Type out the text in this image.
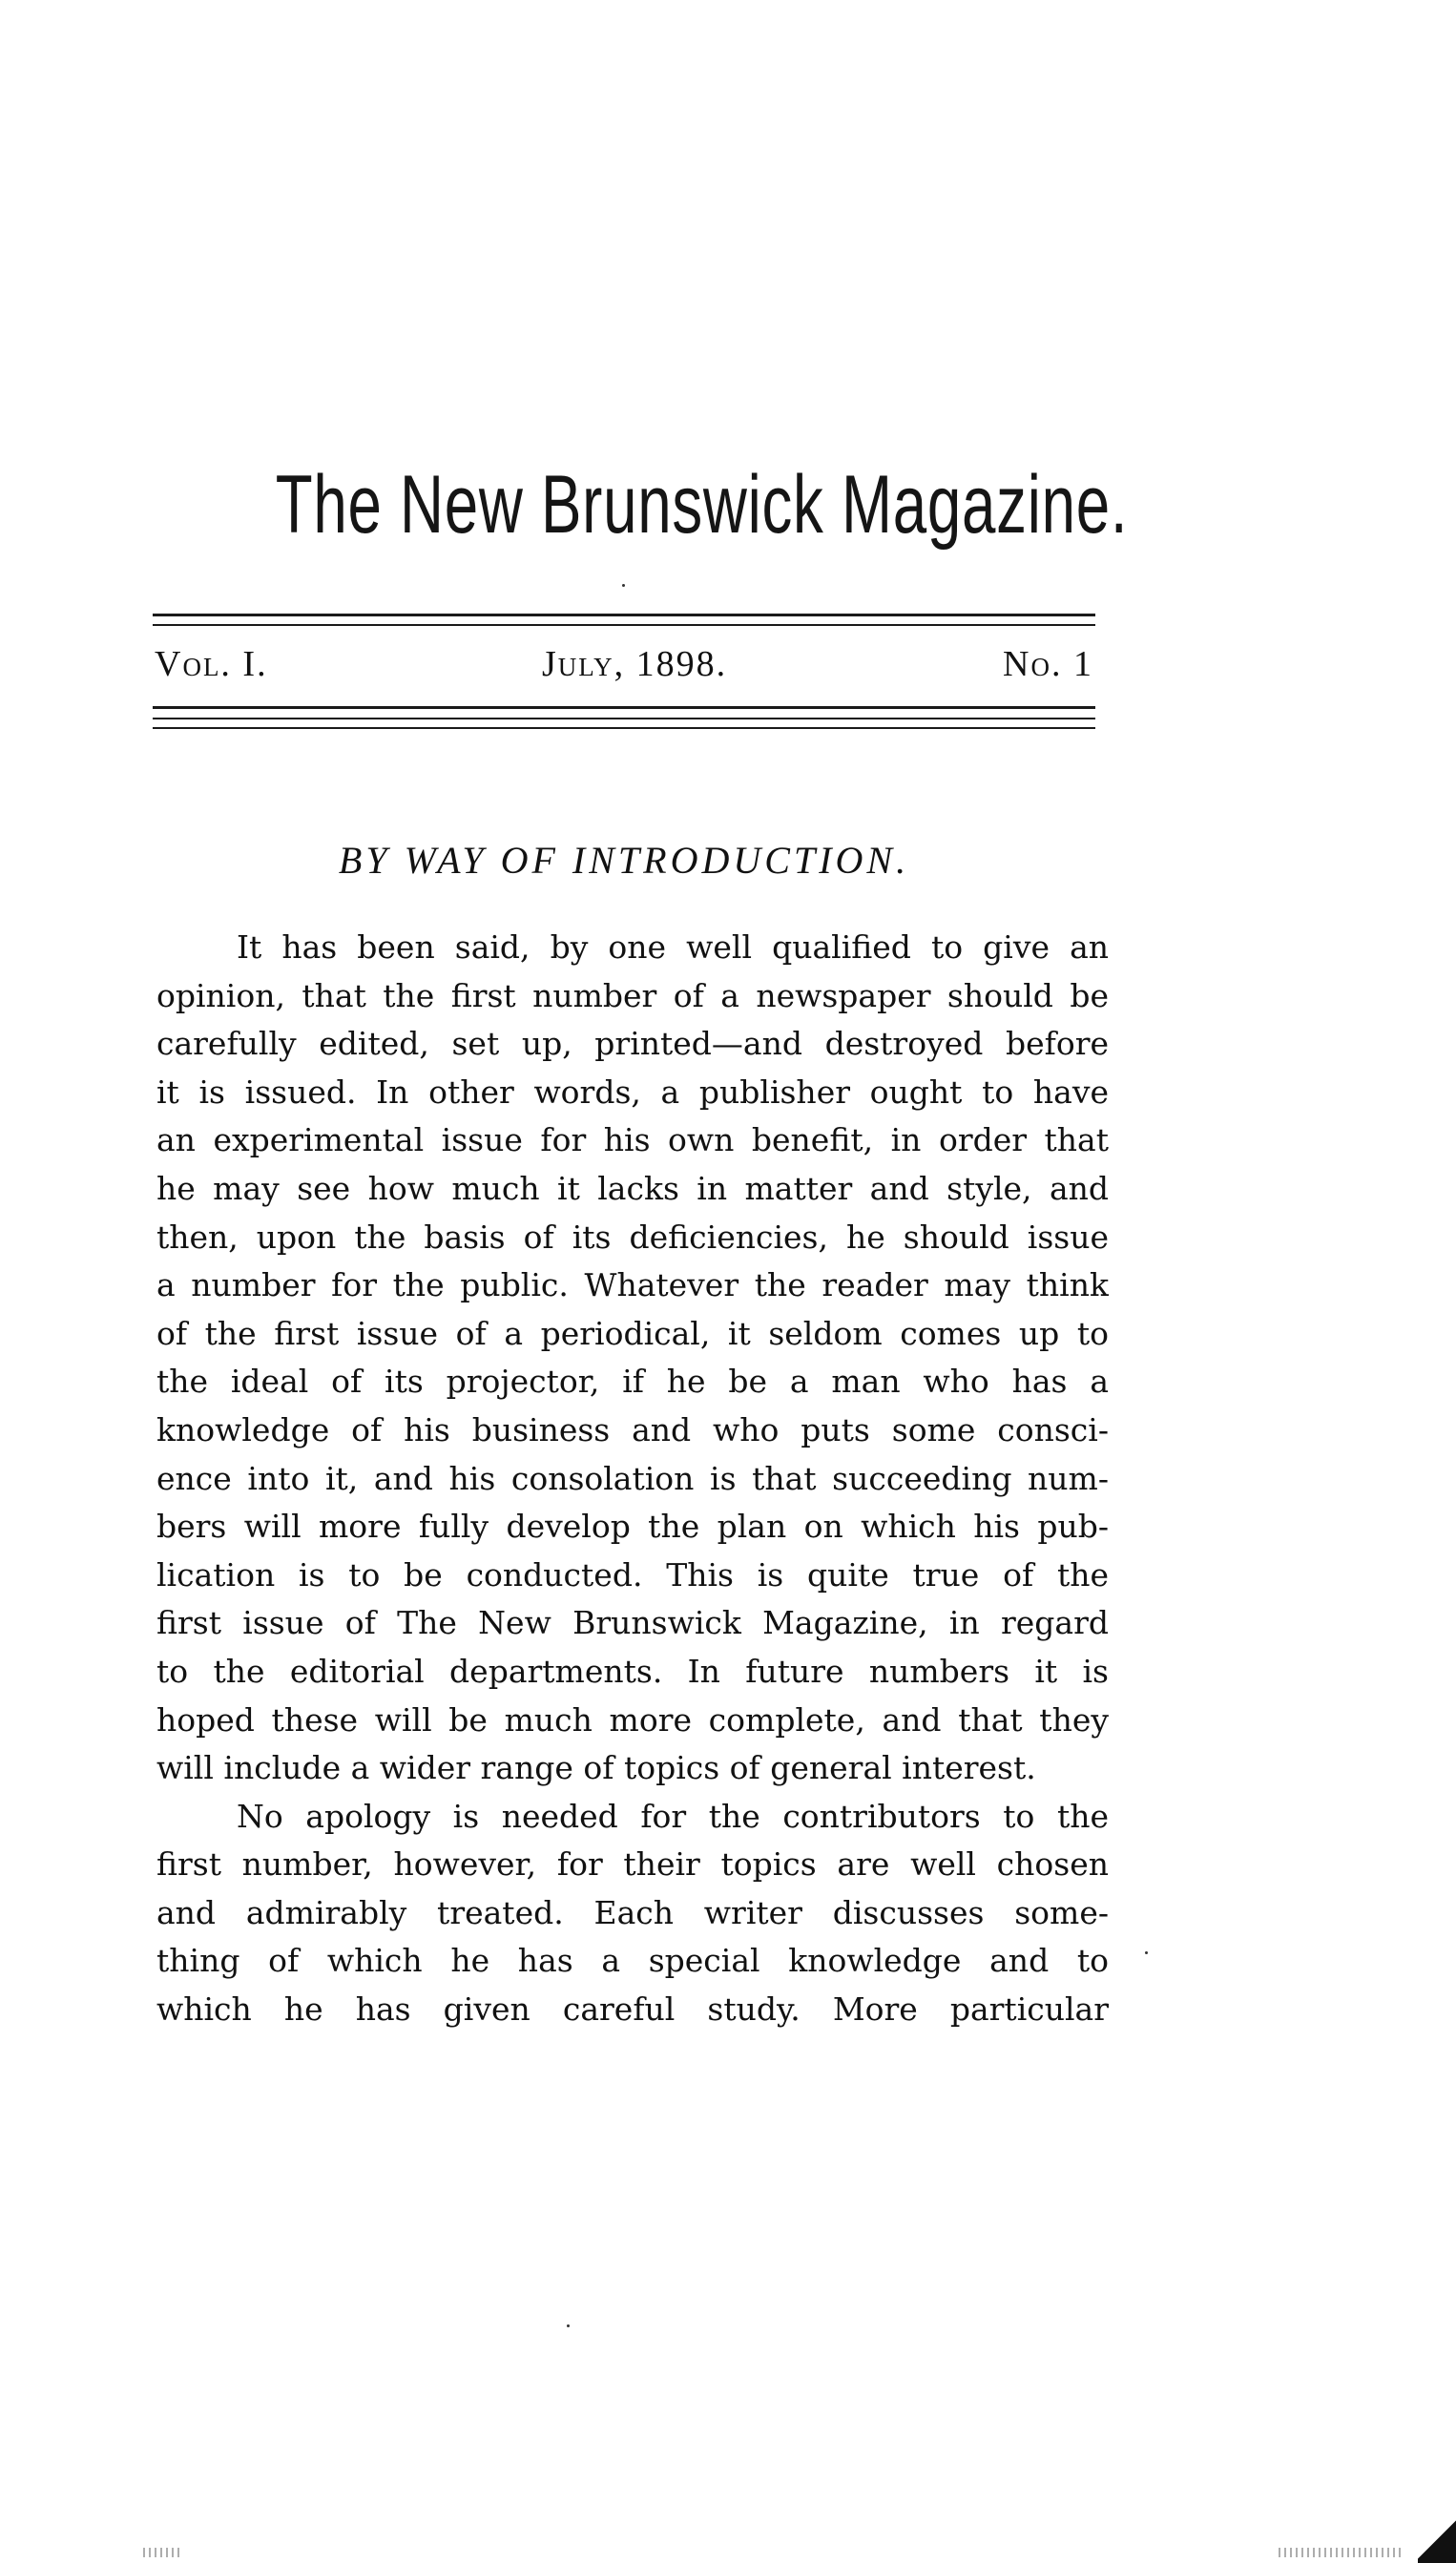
The New Brunswick Magazine.
Vol. I.	July, 1898.	No. 1
BY WAY OF INTRODUCTION.
It has been said, by one well qualified to give an
opinion, that the first number of a newspaper should be
carefully edited, set up, printed—and destroyed before
it is issued. In other words, a publisher ought to have
an experimental issue for his own benefit, in order that
he may see how much it lacks in matter and style, and
then, upon the basis of its deficiencies, he should issue
a number for the public. Whatever the reader may think
of the first issue of a periodical, it seldom comes up to
the ideal of its projector, if he be a man who has a
knowledge of his business and who puts some consci-
ence into it, and his consolation is that succeeding num-
bers will more fully develop the plan on which his pub-
lication is to be conducted. This is quite true of the
first issue of The New Brunswick Magazine, in regard
to the editorial departments. In future numbers it is
hoped these will be much more complete, and that they
will include a wider range of topics of general interest.
No apology is needed for the contributors to the
first number, however, for their topics are well chosen
and admirably treated. Each writer discusses some-
thing of which he has a special knowledge and to
which he has given careful study. More particular
